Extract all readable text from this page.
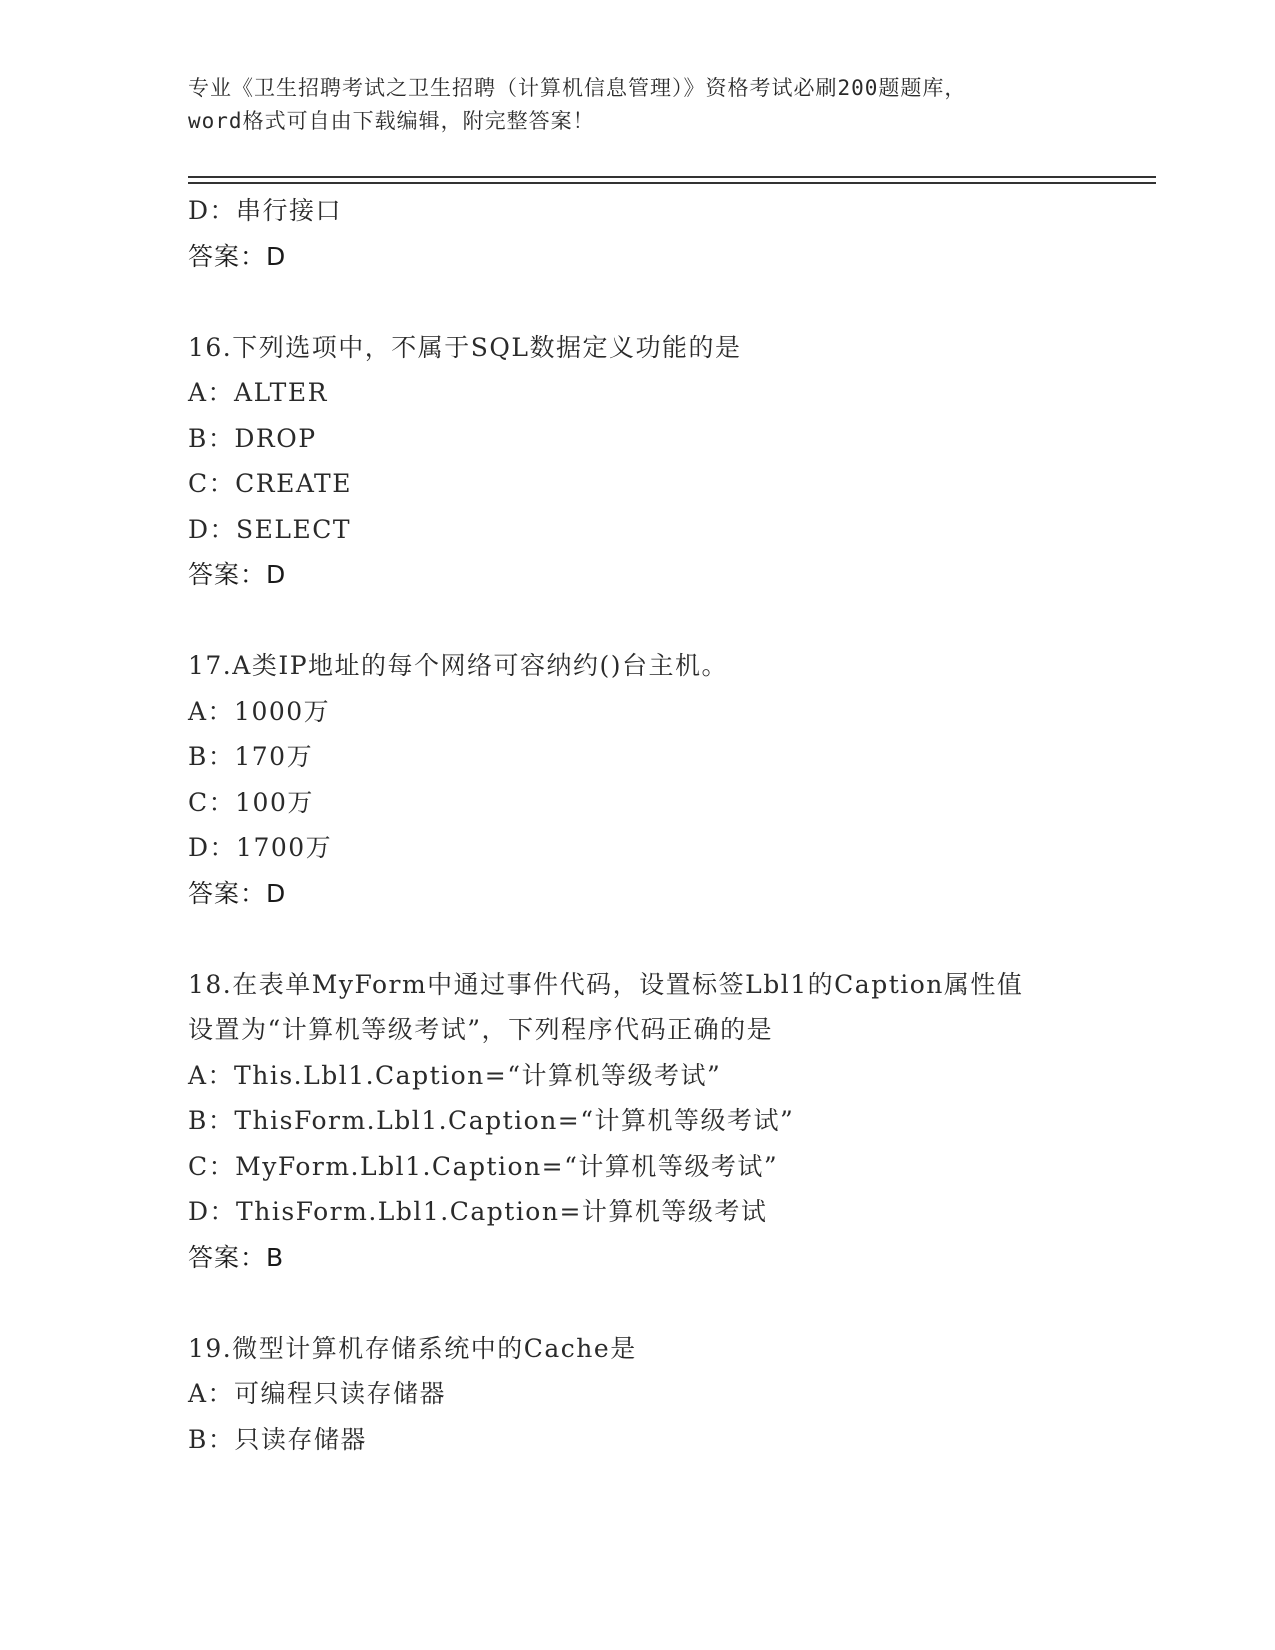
专业《卫生招聘考试之卫生招聘（计算机信息管理）》资格考试必刷200题题库，
word格式可自由下载编辑，附完整答案！
D：串行接口
答案：D
16.下列选项中，不属于SQL数据定义功能的是
A：ALTER
B：DROP
C：CREATE
D：SELECT
答案：D
17.A类IP地址的每个网络可容纳约()台主机。
A：1000万
B：170万
C：100万
D：1700万
答案：D
18.在表单MyForm中通过事件代码，设置标签Lbl1的Caption属性值
设置为“计算机等级考试”，下列程序代码正确的是
A：This.Lbl1.Caption=“计算机等级考试”
B：ThisForm.Lbl1.Caption=“计算机等级考试”
C：MyForm.Lbl1.Caption=“计算机等级考试”
D：ThisForm.Lbl1.Caption=计算机等级考试
答案：B
19.微型计算机存储系统中的Cache是
A：可编程只读存储器
B：只读存储器
